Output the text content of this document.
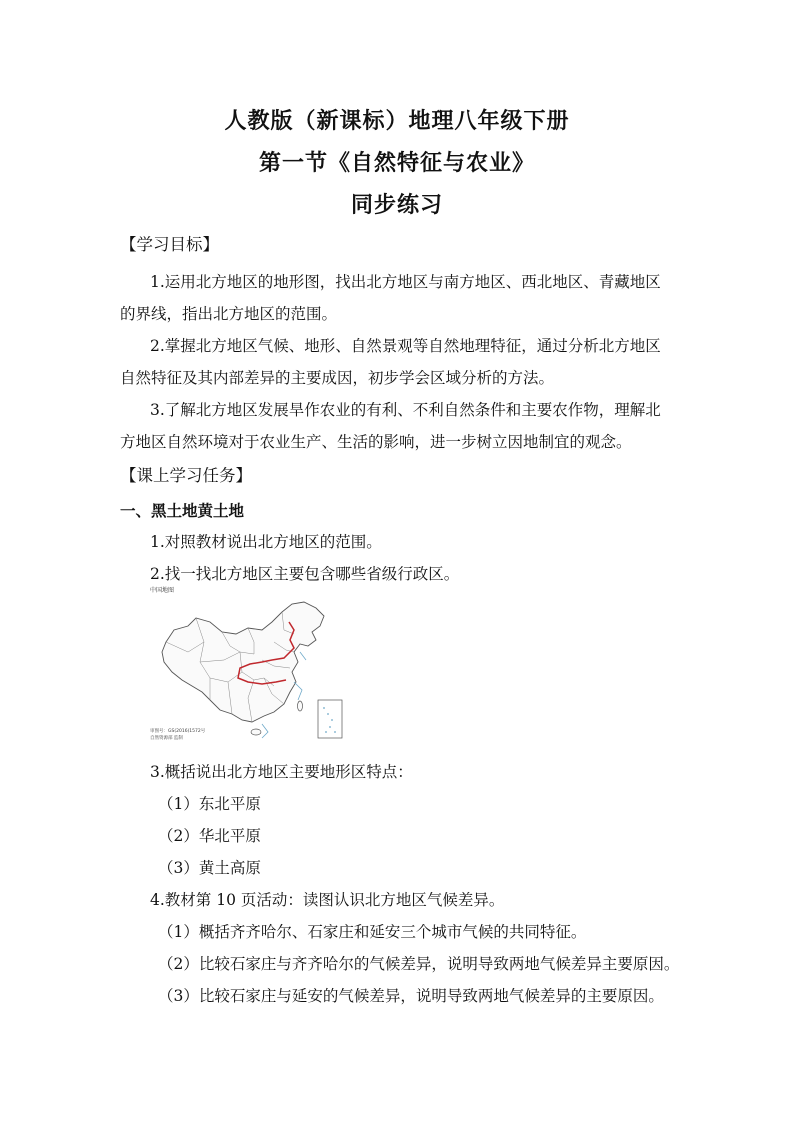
人教版（新课标）地理八年级下册
第一节《自然特征与农业》
同步练习
【学习目标】
1.运用北方地区的地形图，找出北方地区与南方地区、西北地区、青藏地区
的界线，指出北方地区的范围。
2.掌握北方地区气候、地形、自然景观等自然地理特征，通过分析北方地区
自然特征及其内部差异的主要成因，初步学会区域分析的方法。
3.了解北方地区发展旱作农业的有利、不利自然条件和主要农作物，理解北
方地区自然环境对于农业生产、生活的影响，进一步树立因地制宜的观念。
【课上学习任务】
一、黑土地黄土地
1.对照教材说出北方地区的范围。
2.找一找北方地区主要包含哪些省级行政区。
中国地图
审图号：GS(2016)1572号
自然资源部 监制
3.概括说出北方地区主要地形区特点：
（1）东北平原
（2）华北平原
（3）黄土高原
4.教材第 10 页活动：读图认识北方地区气候差异。
（1）概括齐齐哈尔、石家庄和延安三个城市气候的共同特征。
（2）比较石家庄与齐齐哈尔的气候差异，说明导致两地气候差异主要原因。
（3）比较石家庄与延安的气候差异，说明导致两地气候差异的主要原因。
